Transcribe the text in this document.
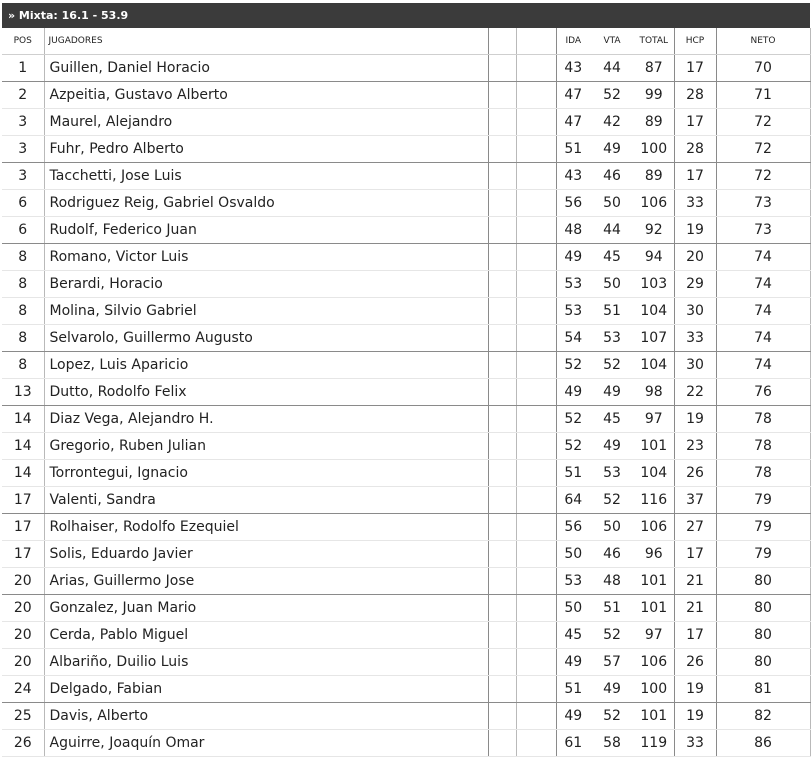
» Mixta: 16.1 - 53.9
POS	JUGADORES			IDA	VTA	TOTAL	HCP	NETO
1	Guillen, Daniel Horacio			43	44	87	17	70
2	Azpeitia, Gustavo Alberto			47	52	99	28	71
3	Maurel, Alejandro			47	42	89	17	72
3	Fuhr, Pedro Alberto			51	49	100	28	72
3	Tacchetti, Jose Luis			43	46	89	17	72
6	Rodriguez Reig, Gabriel Osvaldo			56	50	106	33	73
6	Rudolf, Federico Juan			48	44	92	19	73
8	Romano, Victor Luis			49	45	94	20	74
8	Berardi, Horacio			53	50	103	29	74
8	Molina, Silvio Gabriel			53	51	104	30	74
8	Selvarolo, Guillermo Augusto			54	53	107	33	74
8	Lopez, Luis Aparicio			52	52	104	30	74
13	Dutto, Rodolfo Felix			49	49	98	22	76
14	Diaz Vega, Alejandro H.			52	45	97	19	78
14	Gregorio, Ruben Julian			52	49	101	23	78
14	Torrontegui, Ignacio			51	53	104	26	78
17	Valenti, Sandra			64	52	116	37	79
17	Rolhaiser, Rodolfo Ezequiel			56	50	106	27	79
17	Solis, Eduardo Javier			50	46	96	17	79
20	Arias, Guillermo Jose			53	48	101	21	80
20	Gonzalez, Juan Mario			50	51	101	21	80
20	Cerda, Pablo Miguel			45	52	97	17	80
20	Albariño, Duilio Luis			49	57	106	26	80
24	Delgado, Fabian			51	49	100	19	81
25	Davis, Alberto			49	52	101	19	82
26	Aguirre, Joaquín Omar			61	58	119	33	86
